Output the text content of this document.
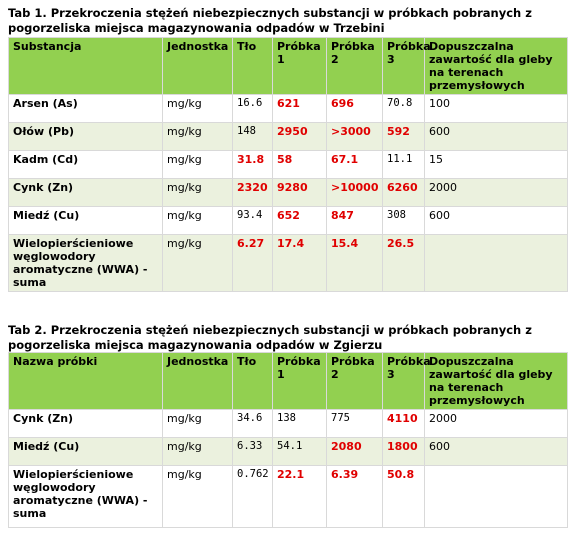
Tab 1. Przekroczenia stężeń niebezpiecznych substancji w próbkach pobranych z pogorzeliska miejsca magazynowania odpadów w Trzebini
Substancja	Jednostka	Tło	Próbka 1	Próbka 2	Próbka 3	Dopuszczalna zawartość dla gleby na terenach przemysłowych
Arsen (As)	mg/kg	16.6	621	696	70.8	100
Ołów (Pb)	mg/kg	148	2950	>3000	592	600
Kadm (Cd)	mg/kg	31.8	58	67.1	11.1	15
Cynk (Zn)	mg/kg	2320	9280	>10000	6260	2000
Miedź (Cu)	mg/kg	93.4	652	847	308	600
Wielopierścieniowe węglowodory aromatyczne (WWA) - suma	mg/kg	6.27	17.4	15.4	26.5	
Tab 2. Przekroczenia stężeń niebezpiecznych substancji w próbkach pobranych z pogorzeliska miejsca magazynowania odpadów w Zgierzu
Nazwa próbki	Jednostka	Tło	Próbka 1	Próbka 2	Próbka 3	Dopuszczalna zawartość dla gleby na terenach przemysłowych
Cynk (Zn)	mg/kg	34.6	138	775	4110	2000
Miedź (Cu)	mg/kg	6.33	54.1	2080	1800	600
Wielopierścieniowe węglowodory aromatyczne (WWA) - suma	mg/kg	0.762	22.1	6.39	50.8	
